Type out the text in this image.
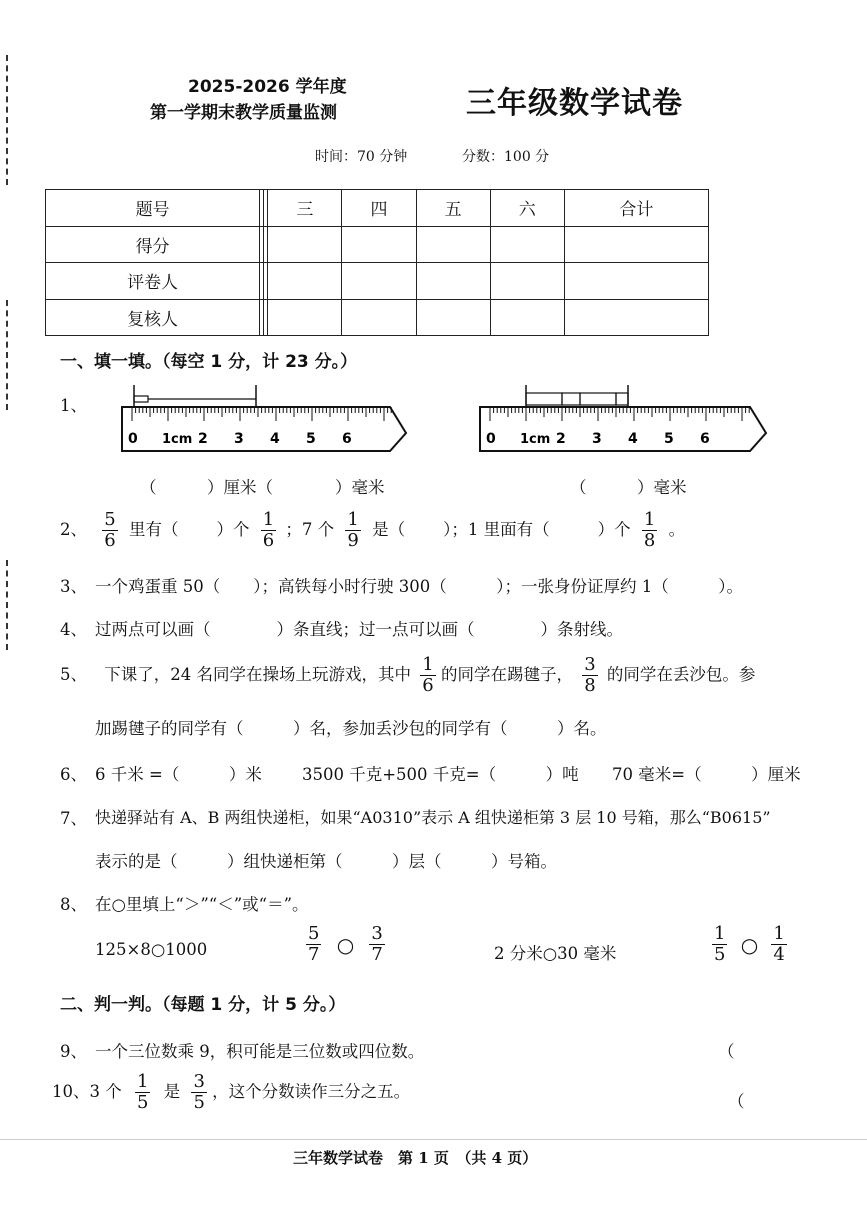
2025-2026 学年度
第一学期末教学质量监测	三年级数学试卷
时间：70 分钟	分数：100 分
题号			三	四	五	六	合计
得分							
评卷人							
复核人							
一、填一填。（每空 1 分，计 23 分。）
1、
0 1cm 2 3 4 5 6	0 1cm 2 3 4 5 6
（	）厘米（	）毫米	（	）毫米
2、 $\frac{5}{6}$ 里有（ ）个 $\frac{1}{6}$ ；7 个 $\frac{1}{9}$ 是（ ）；1 里面有（	）个 $\frac{1}{8}$ 。
3、 一个鸡蛋重 50（　　）；高铁每小时行驶 300（　　　）；一张身份证厚约 1（　　　）。
4、 过两点可以画（　　　　）条直线；过一点可以画（　　　　）条射线。
5、 下课了，24 名同学在操场上玩游戏，其中 $\frac{1}{6}$ 的同学在踢毽子， $\frac{3}{8}$ 的同学在丢沙包。参
加踢毽子的同学有（　　　）名，参加丢沙包的同学有（　　　）名。
6、 6 千米 =（　　　）米 3500 千克+500 千克=（　　　）吨 70 毫米=（　　　）厘米
7、 快递驿站有 A、B 两组快递柜，如果“A0310”表示 A 组快递柜第 3 层 10 号箱，那么“B0615”
表示的是（　　　）组快递柜第（　　　）层（　　　）号箱。
8、 在○里填上“＞”“＜”或“＝”。
125×8○1000	$\frac{5}{7}$ ○ $\frac{3}{7}$	2 分米○30 毫米	$\frac{1}{5}$ ○ $\frac{1}{4}$
二、判一判。（每题 1 分，计 5 分。）
9、 一个三位数乘 9，积可能是三位数或四位数。	（
10、3 个 $\frac{1}{5}$ 是 $\frac{3}{5}$ ，这个分数读作三分之五。
（
三年数学试卷　第 1 页　（共 4 页）
